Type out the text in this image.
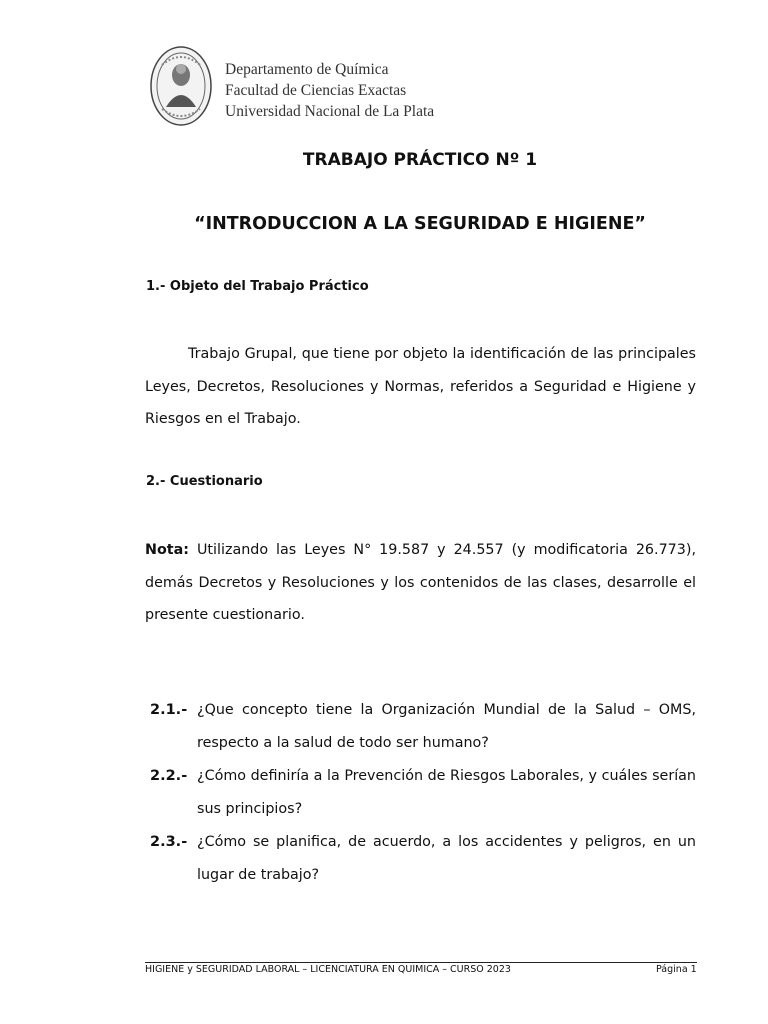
Departamento de Química
Facultad de Ciencias Exactas
Universidad Nacional de La Plata
TRABAJO PRÁCTICO Nº 1
“INTRODUCCION A LA SEGURIDAD E HIGIENE”
1.- Objeto del Trabajo Práctico
Trabajo Grupal, que tiene por objeto la identificación de las principales Leyes, Decretos, Resoluciones y Normas, referidos a Seguridad e Higiene y Riesgos en el Trabajo.
2.- Cuestionario
Nota: Utilizando las Leyes N° 19.587 y 24.557 (y modificatoria 26.773), demás Decretos y Resoluciones y los contenidos de las clases, desarrolle el presente cuestionario.
2.1.- ¿Que concepto tiene la Organización Mundial de la Salud – OMS, respecto a la salud de todo ser humano?
2.2.- ¿Cómo definiría a la Prevención de Riesgos Laborales, y cuáles serían sus principios?
2.3.- ¿Cómo se planifica, de acuerdo, a los accidentes y peligros, en un lugar de trabajo?
HIGIENE y SEGURIDAD LABORAL – LICENCIATURA EN QUIMICA – CURSO 2023	Página 1
